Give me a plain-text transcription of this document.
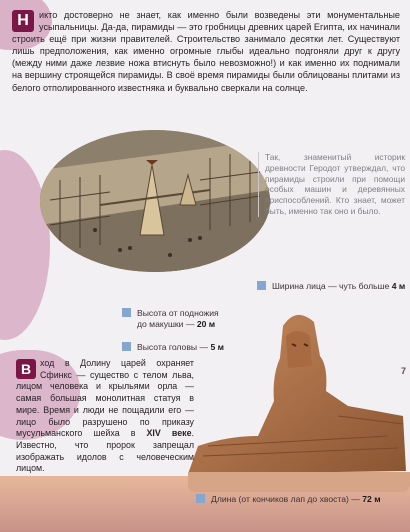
Н	икто достоверно не знает, как именно были возведены эти монументальные усыпальницы. Да-да, пирамиды — это гробницы древних царей Египта, их начинали строить ещё при жизни правителей. Строительство занимало десятки лет. Существуют лишь предположения, как именно огромные глыбы идеально подгоняли друг к другу (между ними даже лезвие ножа втиснуть было невозможно!) и как именно их поднимали на вершину строящейся пирамиды. В своё время пирамиды были облицованы плитами из белого отполированного известняка и буквально сверкали на солнце.
Так, знаменитый историк древности Геродот утверждал, что пирамиды строили при помощи особых машин и деревянных приспособлений. Кто знает, может быть, именно так оно и было.
Ширина лица — чуть больше 4 м
Высота от подножия
до макушки — 20 м
Высота головы — 5 м
Длина (от кончиков лап до хвоста) — 72 м
В	ход в Долину царей охраняет Сфинкс — существо с телом льва, лицом человека и крыльями орла — самая большая монолитная статуя в мире. Время и люди не пощадили его — лицо было разрушено по приказу мусульманского шейха в XIV веке. Известно, что пророк запрещал изображать идолов с человеческим лицом.
7
